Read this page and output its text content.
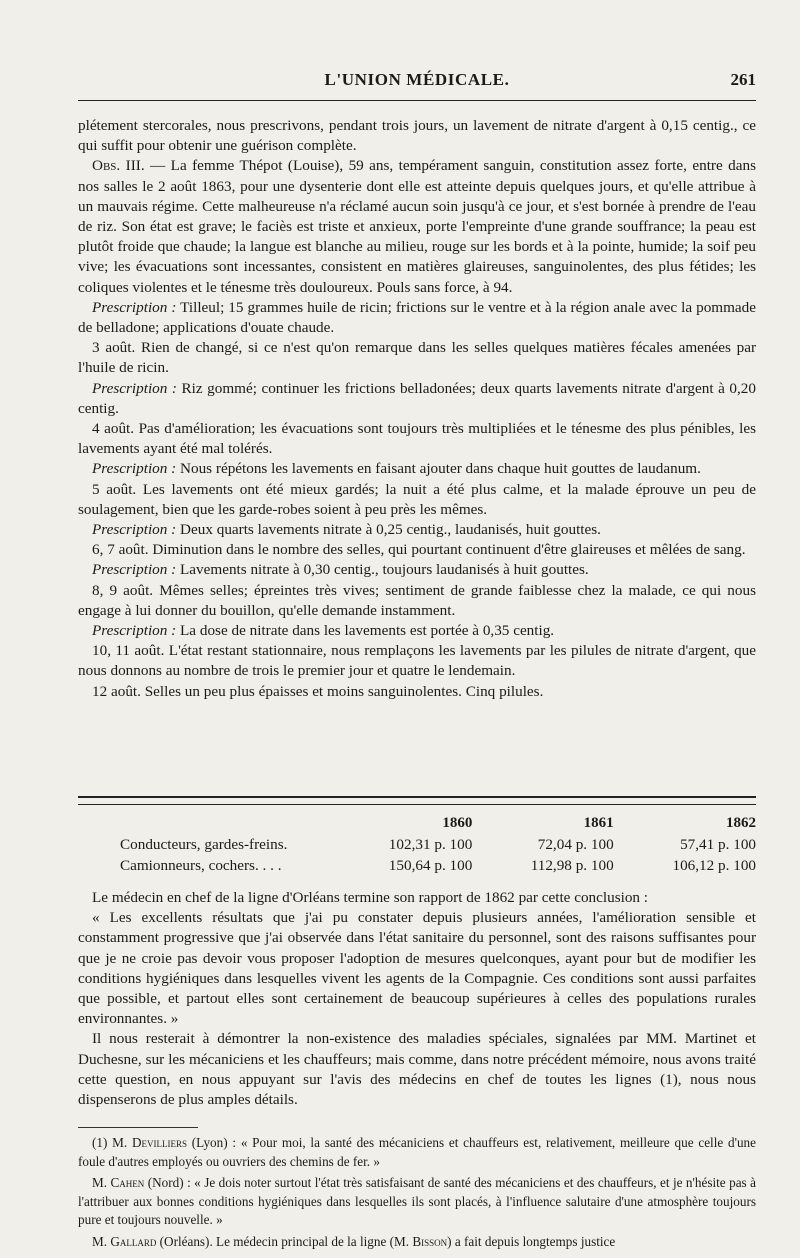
L'UNION MÉDICALE.	261

plétement stercorales, nous prescrivons, pendant trois jours, un lavement de nitrate d'argent à 0,15 centig., ce qui suffit pour obtenir une guérison complète.

Obs. III. — La femme Thépot (Louise), 59 ans, tempérament sanguin, constitution assez forte, entre dans nos salles le 2 août 1863, pour une dysenterie dont elle est atteinte depuis quelques jours, et qu'elle attribue à un mauvais régime. Cette malheureuse n'a réclamé aucun soin jusqu'à ce jour, et s'est bornée à prendre de l'eau de riz. Son état est grave; le faciès est triste et anxieux, porte l'empreinte d'une grande souffrance; la peau est plutôt froide que chaude; la langue est blanche au milieu, rouge sur les bords et à la pointe, humide; la soif peu vive; les évacuations sont incessantes, consistent en matières glaireuses, sanguinolentes, des plus fétides; les coliques violentes et le ténesme très douloureux. Pouls sans force, à 94.

Prescription : Tilleul; 15 grammes huile de ricin; frictions sur le ventre et à la région anale avec la pommade de belladone; applications d'ouate chaude.

3 août. Rien de changé, si ce n'est qu'on remarque dans les selles quelques matières fécales amenées par l'huile de ricin.

Prescription : Riz gommé; continuer les frictions belladonées; deux quarts lavements nitrate d'argent à 0,20 centig.

4 août. Pas d'amélioration; les évacuations sont toujours très multipliées et le ténesme des plus pénibles, les lavements ayant été mal tolérés.

Prescription : Nous répétons les lavements en faisant ajouter dans chaque huit gouttes de laudanum.

5 août. Les lavements ont été mieux gardés; la nuit a été plus calme, et la malade éprouve un peu de soulagement, bien que les garde-robes soient à peu près les mêmes.

Prescription : Deux quarts lavements nitrate à 0,25 centig., laudanisés, huit gouttes.

6, 7 août. Diminution dans le nombre des selles, qui pourtant continuent d'être glaireuses et mêlées de sang.

Prescription : Lavements nitrate à 0,30 centig., toujours laudanisés à huit gouttes.

8, 9 août. Mêmes selles; épreintes très vives; sentiment de grande faiblesse chez la malade, ce qui nous engage à lui donner du bouillon, qu'elle demande instamment.

Prescription : La dose de nitrate dans les lavements est portée à 0,35 centig.

10, 11 août. L'état restant stationnaire, nous remplaçons les lavements par les pilules de nitrate d'argent, que nous donnons au nombre de trois le premier jour et quatre le lendemain.

12 août. Selles un peu plus épaisses et moins sanguinolentes. Cinq pilules.

	1860	1861	1862
Conducteurs, gardes-freins.	102,31 p. 100	72,04 p. 100	57,41 p. 100
Camionneurs, cochers. . . .	150,64 p. 100	112,98 p. 100	106,12 p. 100

Le médecin en chef de la ligne d'Orléans termine son rapport de 1862 par cette conclusion :

« Les excellents résultats que j'ai pu constater depuis plusieurs années, l'amélioration sensible et constamment progressive que j'ai observée dans l'état sanitaire du personnel, sont des raisons suffisantes pour que je ne croie pas devoir vous proposer l'adoption de mesures quelconques, ayant pour but de modifier les conditions hygiéniques dans lesquelles vivent les agents de la Compagnie. Ces conditions sont aussi parfaites que possible, et partout elles sont certainement de beaucoup supérieures à celles des populations rurales environnantes. »

Il nous resterait à démontrer la non-existence des maladies spéciales, signalées par MM. Martinet et Duchesne, sur les mécaniciens et les chauffeurs; mais comme, dans notre précédent mémoire, nous avons traité cette question, en nous appuyant sur l'avis des médecins en chef de toutes les lignes (1), nous nous dispenserons de plus amples détails.

(1) M. Devilliers (Lyon) : « Pour moi, la santé des mécaniciens et chauffeurs est, relativement, meilleure que celle d'une foule d'autres employés ou ouvriers des chemins de fer. »

M. Cahen (Nord) : « Je dois noter surtout l'état très satisfaisant de santé des mécaniciens et des chauffeurs, et je n'hésite pas à l'attribuer aux bonnes conditions hygiéniques dans lesquelles ils sont placés, à l'influence salutaire d'une atmosphère toujours pure et toujours nouvelle. »

M. Gallard (Orléans). Le médecin principal de la ligne (M. Bisson) a fait depuis longtemps justice
